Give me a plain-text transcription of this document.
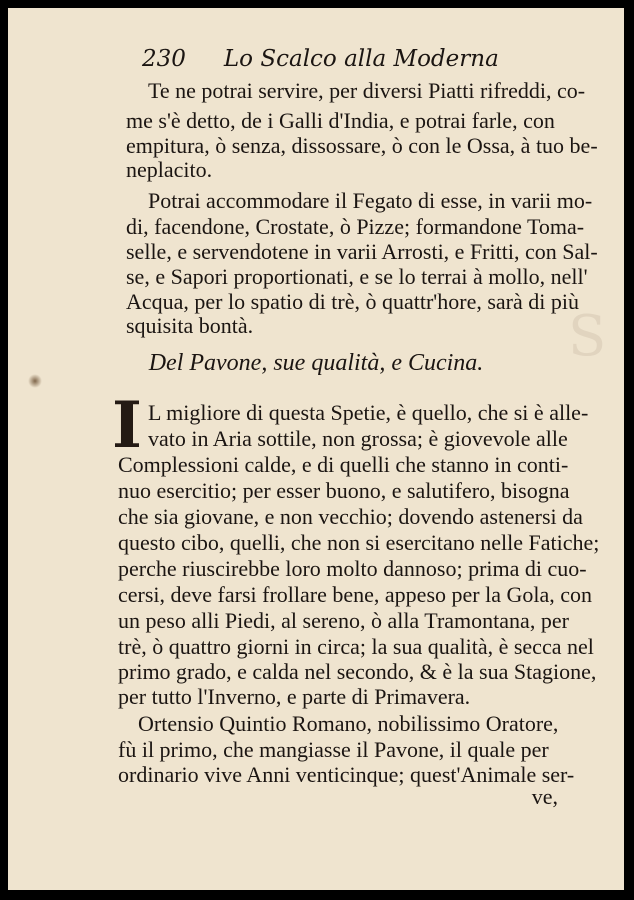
S
230 Lo Scalco alla Moderna
Te ne potrai servire, per diversi Piatti rifreddi, co-
me s'è detto, de i Galli d'India, e potrai farle, con
empitura, ò senza, dissossare, ò con le Ossa, à tuo be-
neplacito.
Potrai accommodare il Fegato di esse, in varii mo-
di, facendone, Crostate, ò Pizze; formandone Toma-
selle, e servendotene in varii Arrosti, e Fritti, con Sal-
se, e Sapori proportionati, e se lo terrai à mollo, nell'
Acqua, per lo spatio di trè, ò quattr'hore, sarà di più
squisita bontà.
Del Pavone, sue qualità, e Cucina.
I L migliore di questa Spetie, è quello, che si è alle-
vato in Aria sottile, non grossa; è giovevole alle
Complessioni calde, e di quelli che stanno in conti-
nuo esercitio; per esser buono, e salutifero, bisogna
che sia giovane, e non vecchio; dovendo astenersi da
questo cibo, quelli, che non si esercitano nelle Fatiche;
perche riuscirebbe loro molto dannoso; prima di cuo-
cersi, deve farsi frollare bene, appeso per la Gola, con
un peso alli Piedi, al sereno, ò alla Tramontana, per
trè, ò quattro giorni in circa; la sua qualità, è secca nel
primo grado, e calda nel secondo, & è la sua Stagione,
per tutto l'Inverno, e parte di Primavera.
Ortensio Quintio Romano, nobilissimo Oratore,
fù il primo, che mangiasse il Pavone, il quale per
ordinario vive Anni venticinque; quest'Animale ser-
ve,
